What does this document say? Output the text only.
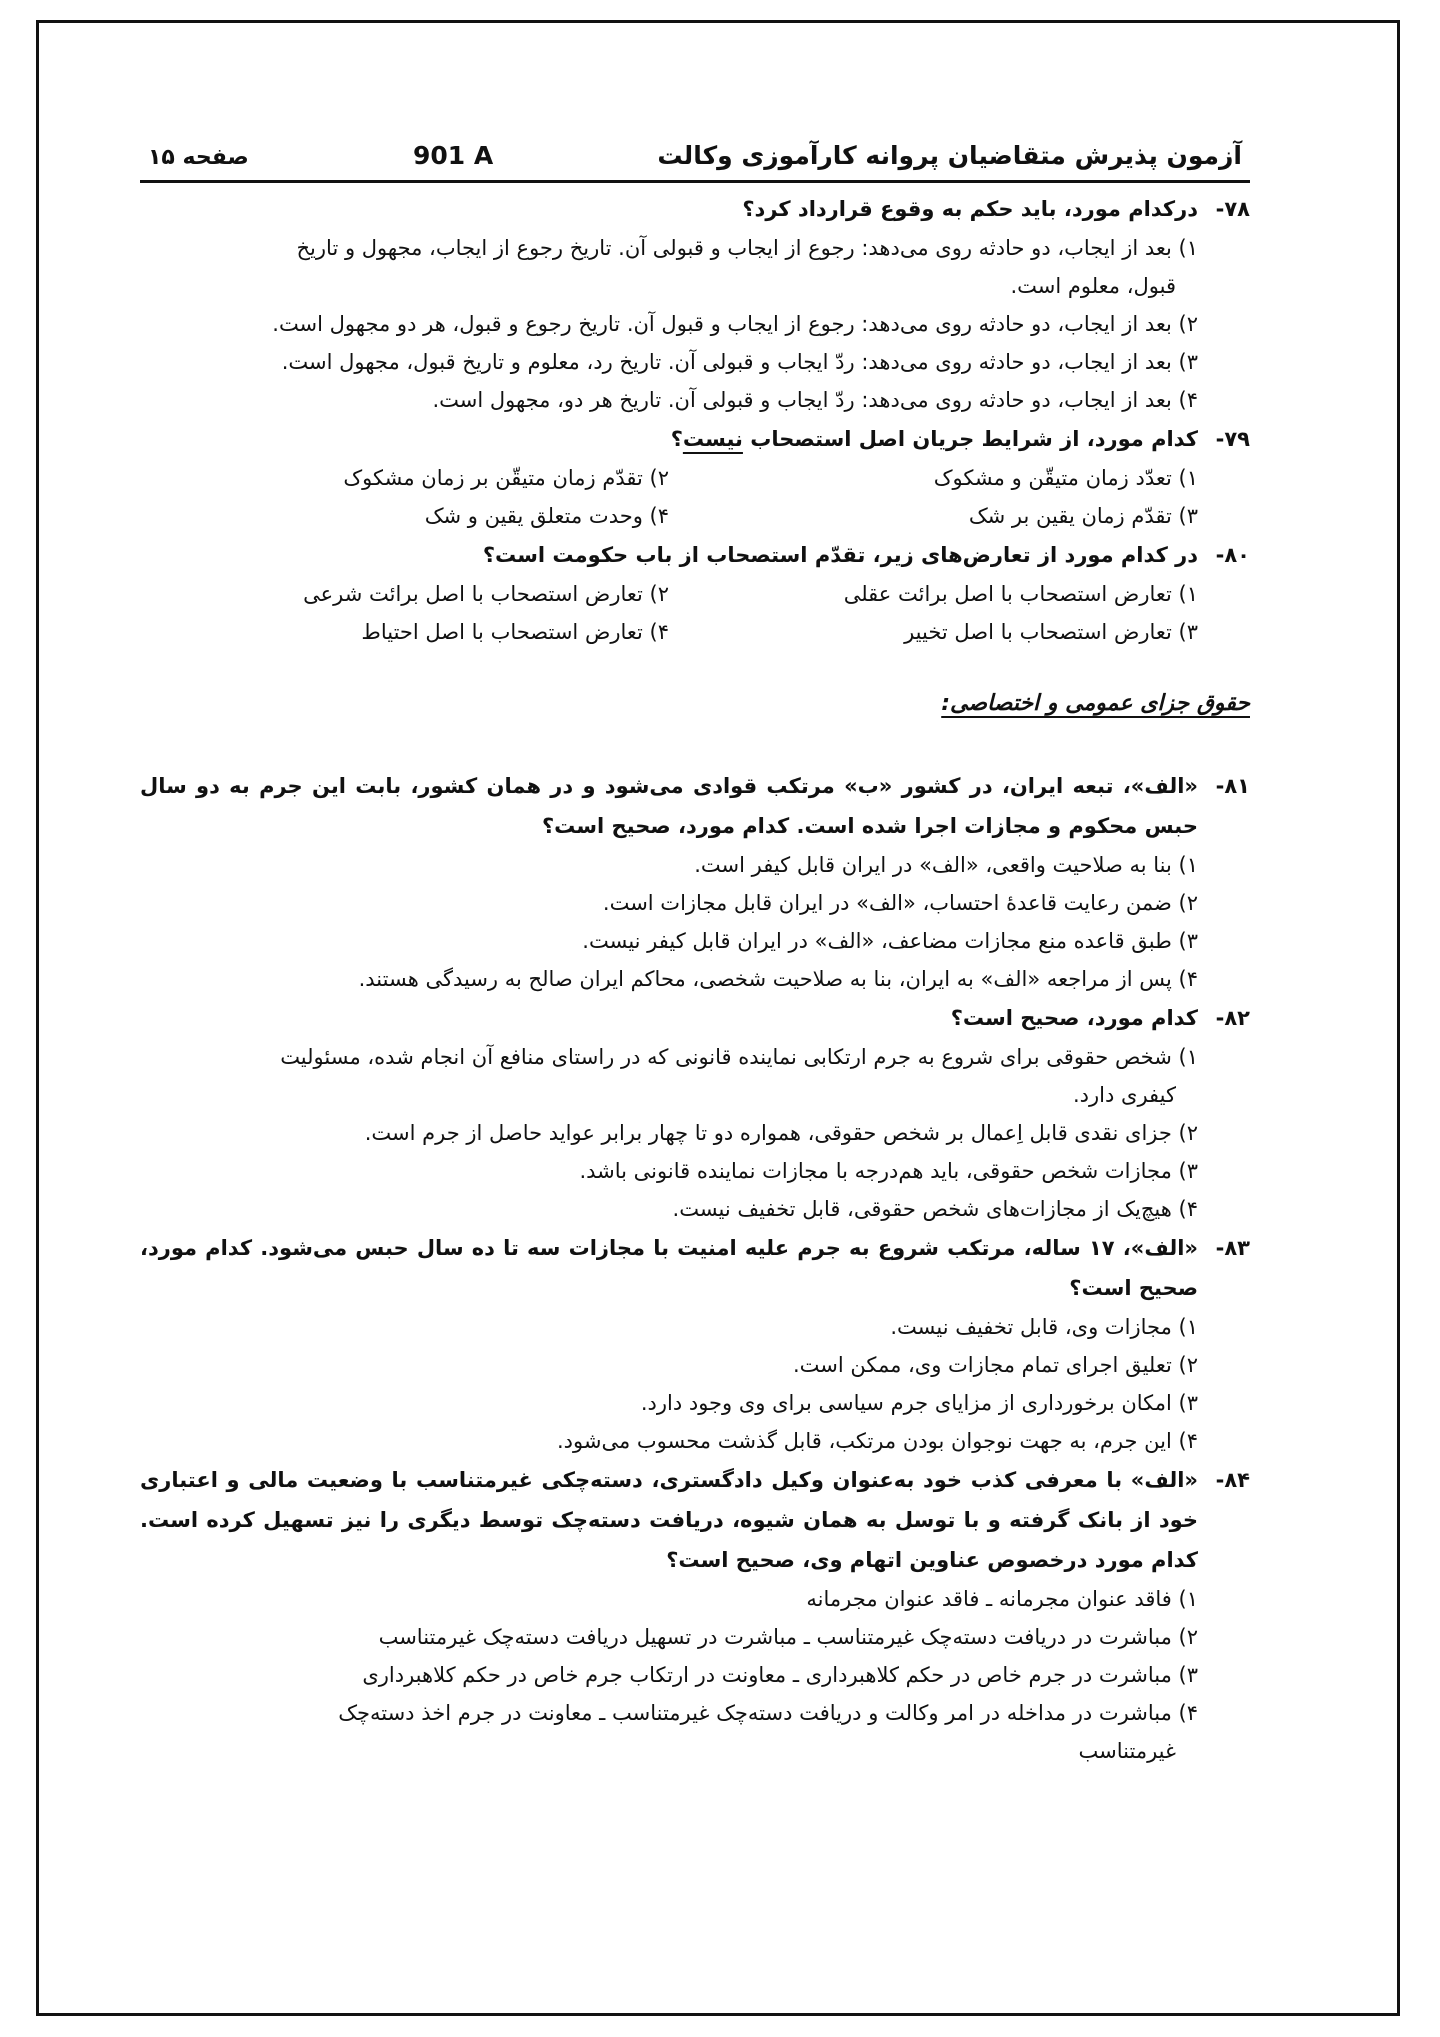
آزمون پذیرش متقاضیان پروانه کارآموزی وکالت
901 A
صفحه ۱۵
۷۸-
درکدام مورد، باید حکم به وقوع قرارداد کرد؟
۱) بعد از ایجاب، دو حادثه روی می‌دهد: رجوع از ایجاب و قبولی آن. تاریخ رجوع از ایجاب، مجهول و تاریخ
قبول، معلوم است.
۲) بعد از ایجاب، دو حادثه روی می‌دهد: رجوع از ایجاب و قبول آن. تاریخ رجوع و قبول، هر دو مجهول است.
۳) بعد از ایجاب، دو حادثه روی می‌دهد: ردّ ایجاب و قبولی آن. تاریخ رد، معلوم و تاریخ قبول، مجهول است.
۴) بعد از ایجاب، دو حادثه روی می‌دهد: ردّ ایجاب و قبولی آن. تاریخ هر دو، مجهول است.
۷۹-
کدام مورد، از شرایط جریان اصل استصحاب نیست؟
۱) تعدّد زمان متیقّن و مشکوک
۲) تقدّم زمان متیقّن بر زمان مشکوک
۳) تقدّم زمان یقین بر شک
۴) وحدت متعلق یقین و شک
۸۰-
در کدام مورد از تعارض‌های زیر، تقدّم استصحاب از باب حکومت است؟
۱) تعارض استصحاب با اصل برائت عقلی
۲) تعارض استصحاب با اصل برائت شرعی
۳) تعارض استصحاب با اصل تخییر
۴) تعارض استصحاب با اصل احتیاط
حقوق جزای عمومی و اختصاصی:
۸۱-
«الف»، تبعه ایران، در کشور «ب» مرتکب قوادی می‌شود و در همان کشور، بابت این جرم به دو سال حبس محکوم و مجازات اجرا شده است. کدام مورد، صحیح است؟
۱) بنا به صلاحیت واقعی، «الف» در ایران قابل کیفر است.
۲) ضمن رعایت قاعدهٔ احتساب، «الف» در ایران قابل مجازات است.
۳) طبق قاعده منع مجازات مضاعف، «الف» در ایران قابل کیفر نیست.
۴) پس از مراجعه «الف» به ایران، بنا به صلاحیت شخصی، محاکم ایران صالح به رسیدگی هستند.
۸۲-
کدام مورد، صحیح است؟
۱) شخص حقوقی برای شروع به جرم ارتکابی نماینده قانونی که در راستای منافع آن انجام شده، مسئولیت
کیفری دارد.
۲) جزای نقدی قابل اِعمال بر شخص حقوقی، همواره دو تا چهار برابر عواید حاصل از جرم است.
۳) مجازات شخص حقوقی، باید هم‌درجه با مجازات نماینده قانونی باشد.
۴) هیچ‌یک از مجازات‌های شخص حقوقی، قابل تخفیف نیست.
۸۳-
«الف»، ۱۷ ساله، مرتکب شروع به جرم علیه امنیت با مجازات سه تا ده سال حبس می‌شود. کدام مورد، صحیح است؟
۱) مجازات وی، قابل تخفیف نیست.
۲) تعلیق اجرای تمام مجازات وی، ممکن است.
۳) امکان برخورداری از مزایای جرم سیاسی برای وی وجود دارد.
۴) این جرم، به جهت نوجوان بودن مرتکب، قابل گذشت محسوب می‌شود.
۸۴-
«الف» با معرفی کذب خود به‌عنوان وکیل دادگستری، دسته‌چکی غیرمتناسب با وضعیت مالی و اعتباری خود از بانک گرفته و با توسل به همان شیوه، دریافت دسته‌چک توسط دیگری را نیز تسهیل کرده است. کدام مورد درخصوص عناوین اتهام وی، صحیح است؟
۱) فاقد عنوان مجرمانه ـ فاقد عنوان مجرمانه
۲) مباشرت در دریافت دسته‌چک غیرمتناسب ـ مباشرت در تسهیل دریافت دسته‌چک غیرمتناسب
۳) مباشرت در جرم خاص در حکم کلاهبرداری ـ معاونت در ارتکاب جرم خاص در حکم کلاهبرداری
۴) مباشرت در مداخله در امر وکالت و دریافت دسته‌چک غیرمتناسب ـ معاونت در جرم اخذ دسته‌چک
غیرمتناسب
